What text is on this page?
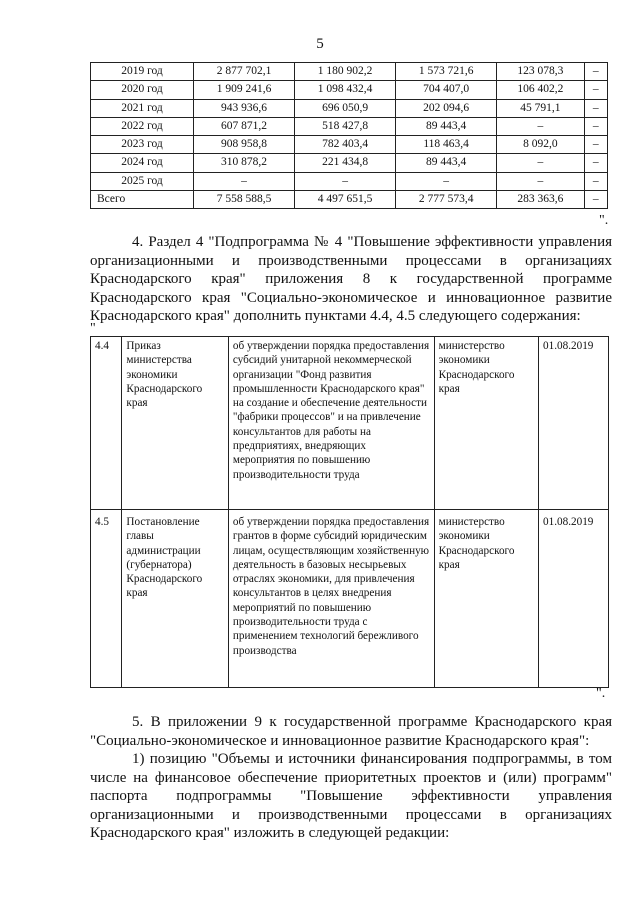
5
2019 год	2 877 702,1	1 180 902,2	1 573 721,6	123 078,3	–
2020 год	1 909 241,6	1 098 432,4	704 407,0	106 402,2	–
2021 год	943 936,6	696 050,9	202 094,6	45 791,1	–
2022 год	607 871,2	518 427,8	89 443,4	–	–
2023 год	908 958,8	782 403,4	118 463,4	8 092,0	–
2024 год	310 878,2	221 434,8	89 443,4	–	–
2025 год	–	–	–	–	–
Всего	7 558 588,5	4 497 651,5	2 777 573,4	283 363,6	–
".
4. Раздел 4 "Подпрограмма № 4 "Повышение эффективности управления организационными и производственными процессами в организациях Краснодарского края" приложения 8 к государственной программе Краснодарского края "Социально-экономическое и инновационное развитие Краснодарского края" дополнить пунктами 4.4, 4.5 следующего содержания:
"
4.4	Приказ министерства экономики Краснодарского края	об утверждении порядка предоставления субсидий унитарной некоммерческой организации "Фонд развития промышленности Краснодарского края" на создание и обеспечение деятельности "фабрики процессов" и на привлечение консультантов для работы на предприятиях, внедряющих мероприятия по повышению производительности труда	министерство экономики Краснодарского края	01.08.2019
4.5	Постановление главы администрации (губернатора) Краснодарского края	об утверждении порядка предоставления грантов в форме субсидий юридическим лицам, осуществляющим хозяйственную деятельность в базовых несырьевых отраслях экономики, для привлечения консультантов в целях внедрения мероприятий по повышению производительности труда с применением технологий бережливого производства	министерство экономики Краснодарского края	01.08.2019
".
5. В приложении 9 к государственной программе Краснодарского края "Социально-экономическое и инновационное развитие Краснодарского края":
1) позицию "Объемы и источники финансирования подпрограммы, в том числе на финансовое обеспечение приоритетных проектов и (или) программ" паспорта подпрограммы "Повышение эффективности управления организационными и производственными процессами в организациях Краснодарского края" изложить в следующей редакции:
